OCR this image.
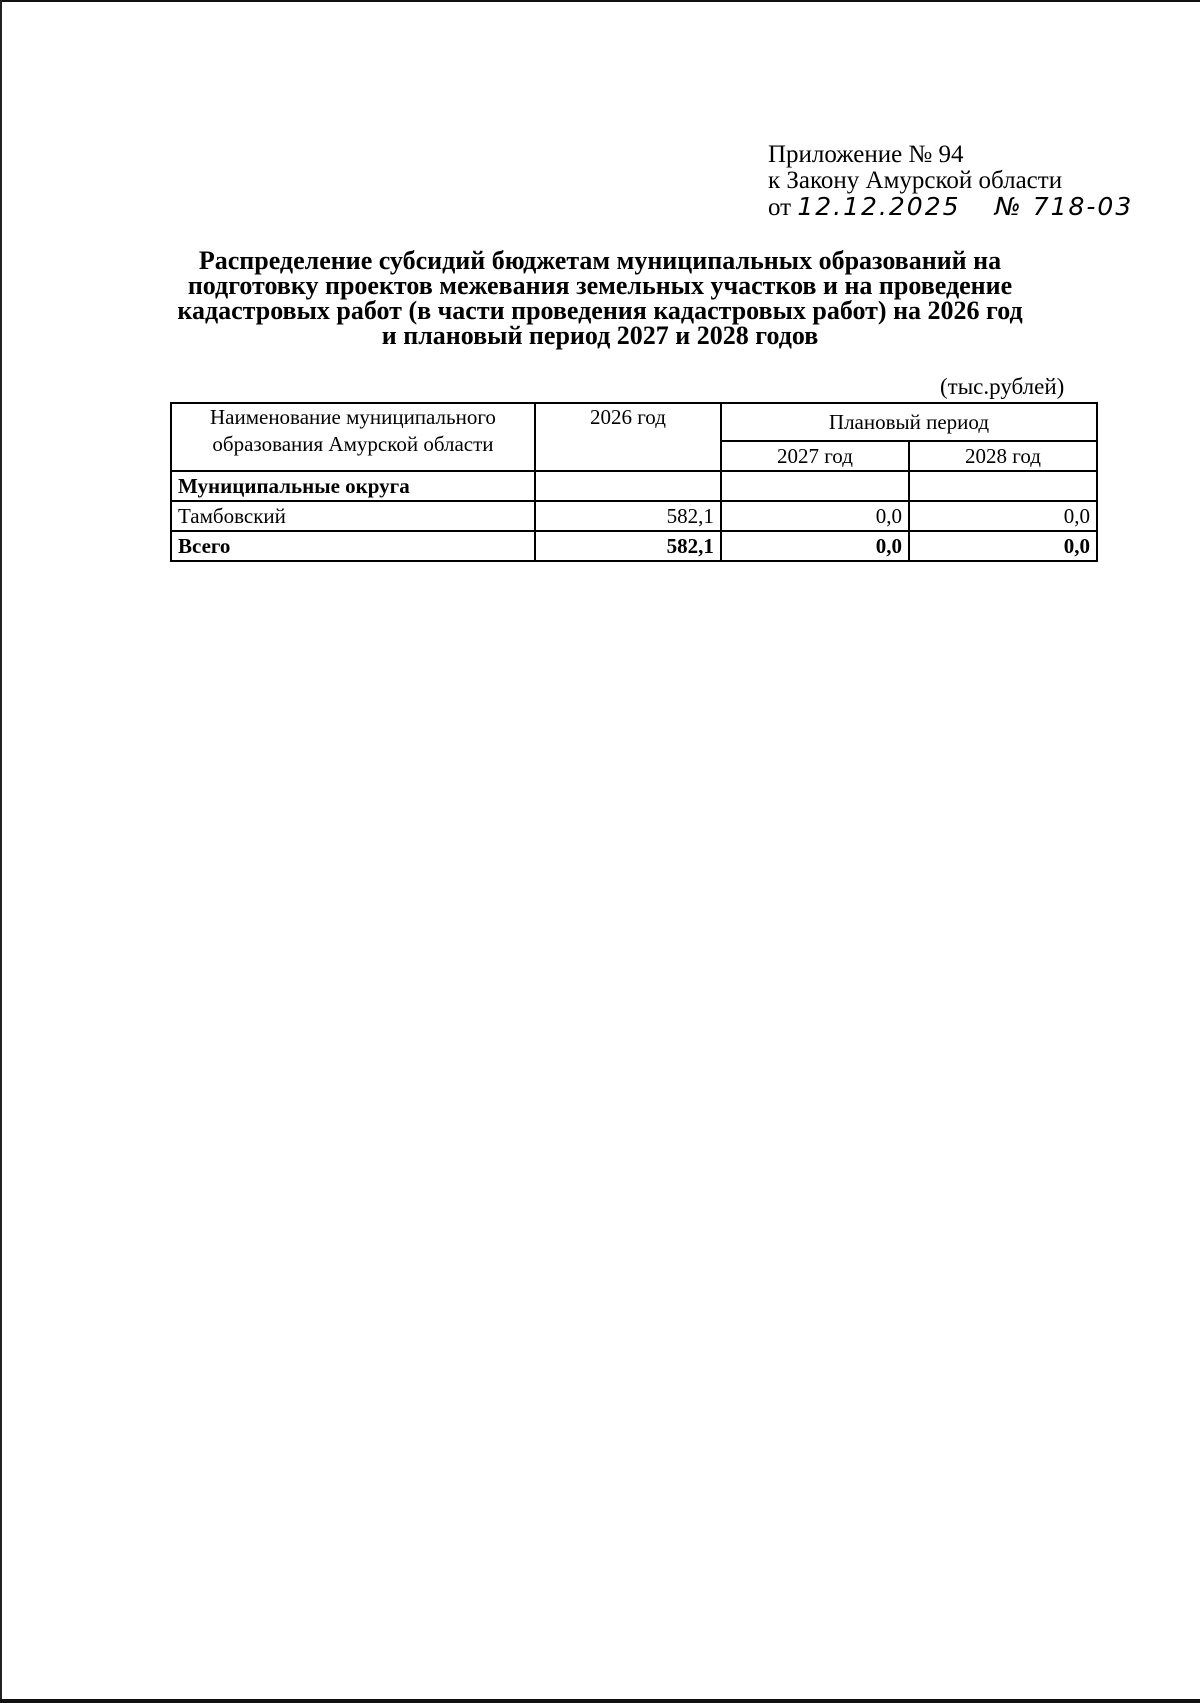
Приложение № 94
к Закону Амурской области
от 12.12.2025 № 718-03
Распределение субсидий бюджетам муниципальных образований на
подготовку проектов межевания земельных участков и на проведение
кадастровых работ (в части проведения кадастровых работ) на 2026 год
и плановый период 2027 и 2028 годов
(тыс.рублей)
Наименование муниципального образования Амурской области	2026 год	Плановый период	
		2027 год	2028 год
Муниципальные округа			
Тамбовский	582,1	0,0	0,0
Всего	582,1	0,0	0,0
